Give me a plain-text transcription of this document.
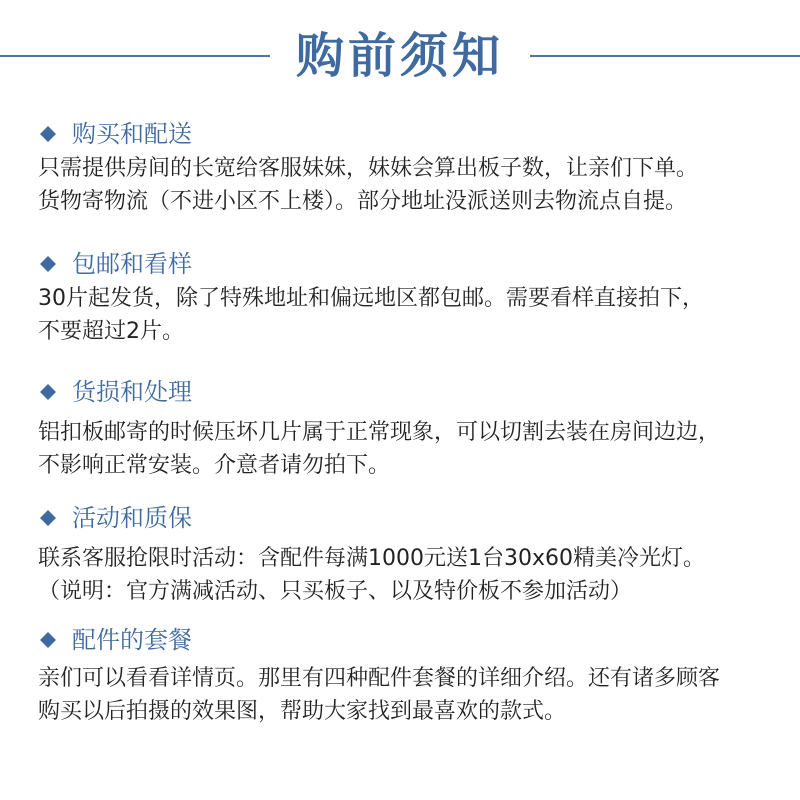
购前须知
购买和配送

只需提供房间的长宽给客服妹妹，妹妹会算出板子数，让亲们下单。

货物寄物流（不进小区不上楼）。部分地址没派送则去物流点自提。

包邮和看样

30片起发货，除了特殊地址和偏远地区都包邮。需要看样直接拍下，

不要超过2片。

货损和处理

铝扣板邮寄的时候压坏几片属于正常现象，可以切割去装在房间边边，

不影响正常安装。介意者请勿拍下。

活动和质保

联系客服抢限时活动：含配件每满1000元送1台30x60精美冷光灯。

（说明：官方满减活动、只买板子、以及特价板不参加活动）

配件的套餐

亲们可以看看详情页。那里有四种配件套餐的详细介绍。还有诸多顾客

购买以后拍摄的效果图，帮助大家找到最喜欢的款式。
